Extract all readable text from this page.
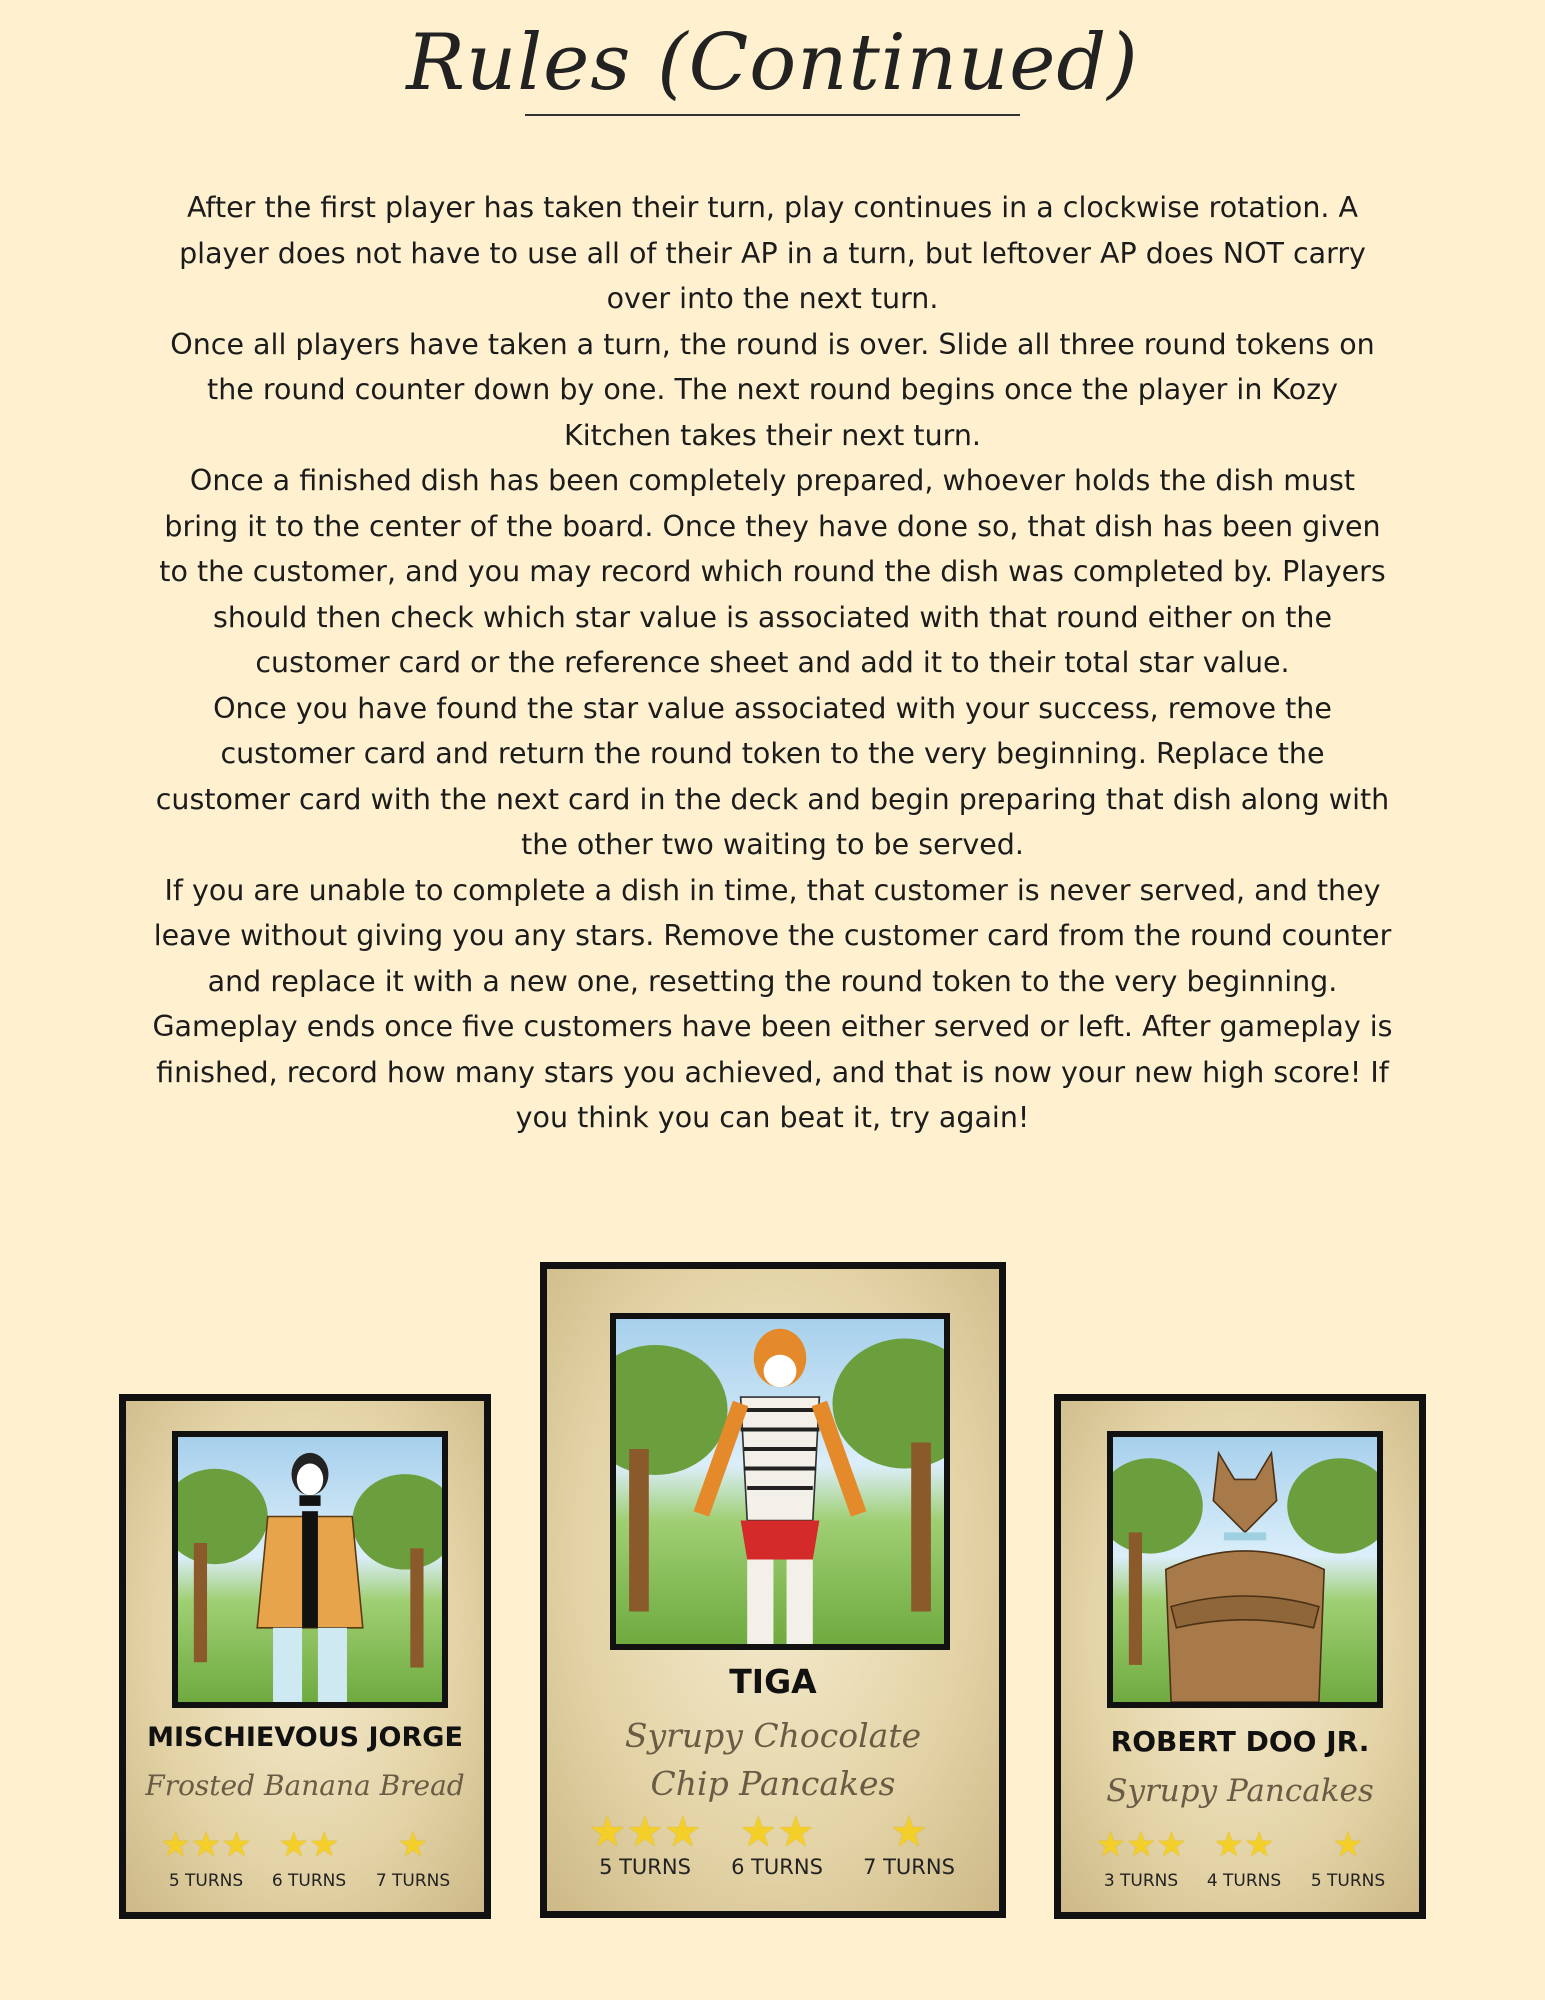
Rules (Continued)

After the first player has taken their turn, play continues in a clockwise rotation. A player does not have to use all of their AP in a turn, but leftover AP does NOT carry over into the next turn.

Once all players have taken a turn, the round is over. Slide all three round tokens on the round counter down by one. The next round begins once the player in Kozy Kitchen takes their next turn.

Once a finished dish has been completely prepared, whoever holds the dish must bring it to the center of the board. Once they have done so, that dish has been given to the customer, and you may record which round the dish was completed by. Players should then check which star value is associated with that round either on the customer card or the reference sheet and add it to their total star value.

Once you have found the star value associated with your success, remove the customer card and return the round token to the very beginning. Replace the customer card with the next card in the deck and begin preparing that dish along with the other two waiting to be served.

If you are unable to complete a dish in time, that customer is never served, and they leave without giving you any stars. Remove the customer card from the round counter and replace it with a new one, resetting the round token to the very beginning.

Gameplay ends once five customers have been either served or left. After gameplay is finished, record how many stars you achieved, and that is now your new high score! If you think you can beat it, try again!

MISCHIEVOUS JORGE
Frosted Banana Bread
★★★ ★★	★
5 TURNS	6 TURNS	7 TURNS
TIGA
Syrupy Chocolate Chip Pancakes
★★★ ★★	★
5 TURNS	6 TURNS	7 TURNS
ROBERT DOO JR.
Syrupy Pancakes
★★★ ★★	★
3 TURNS	4 TURNS	5 TURNS
